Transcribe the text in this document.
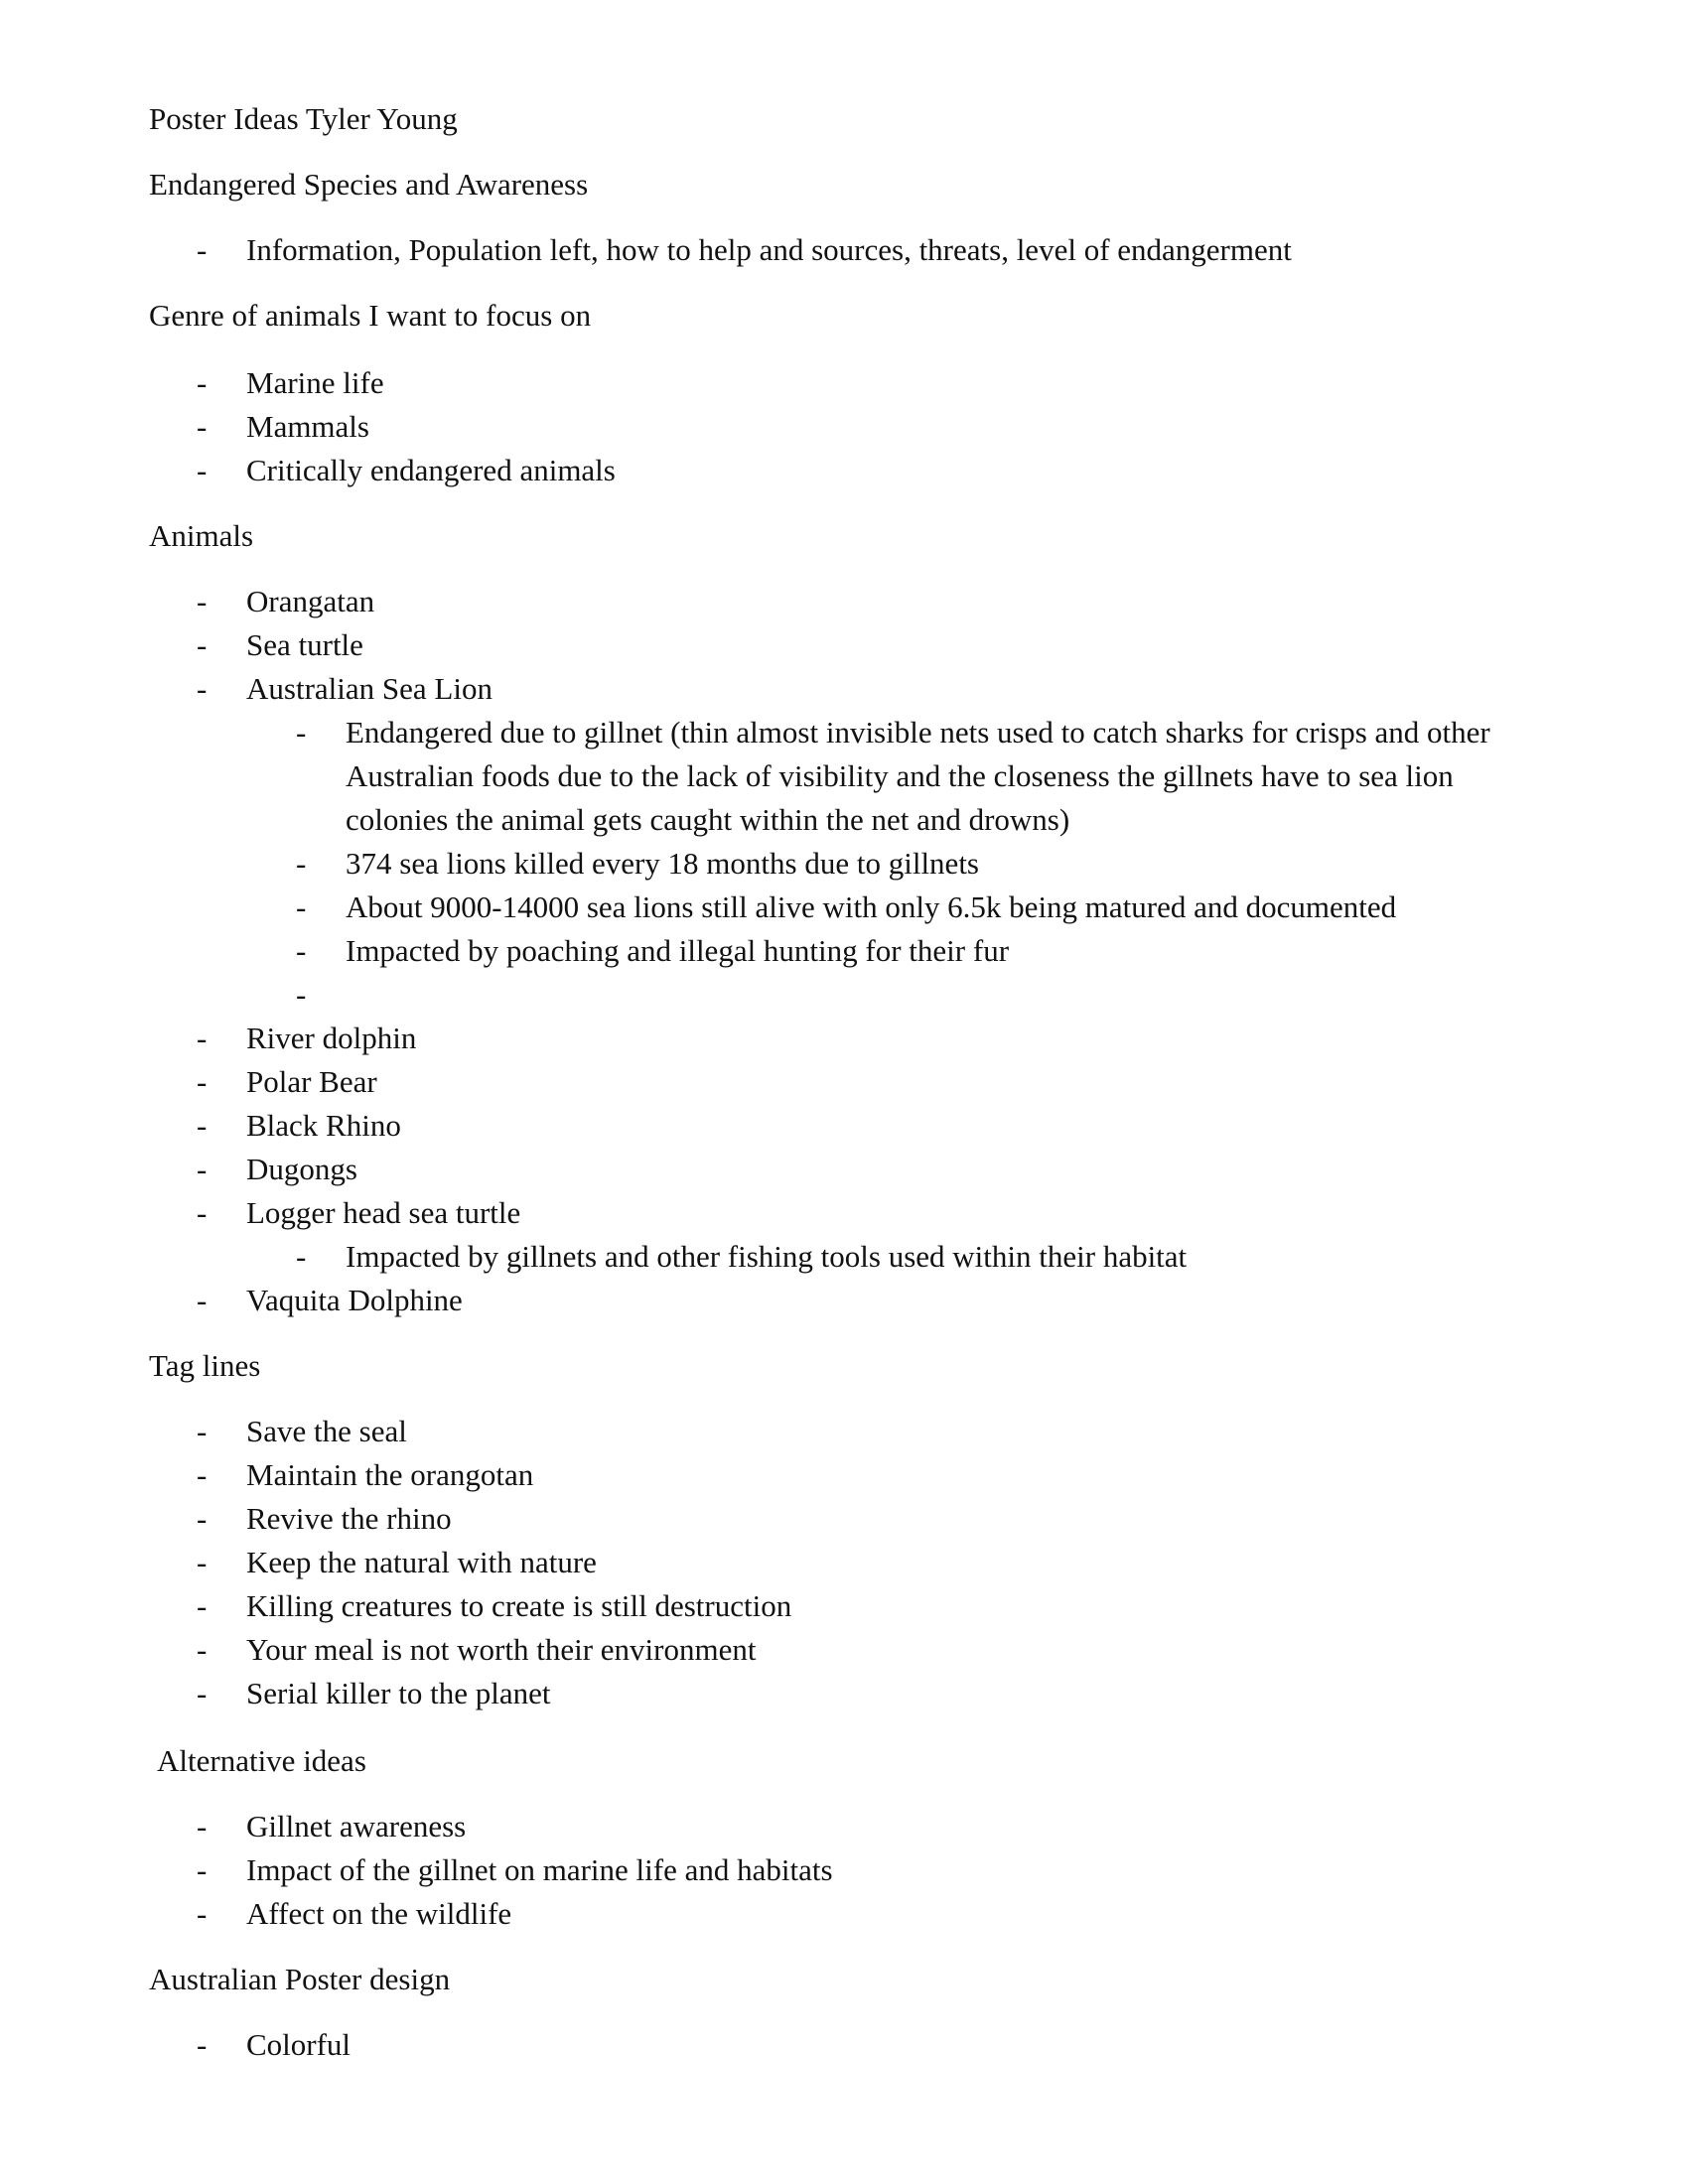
Poster Ideas Tyler Young
Endangered Species and Awareness
- Information, Population left, how to help and sources, threats, level of endangerment
Genre of animals I want to focus on
- Marine life
- Mammals
- Critically endangered animals
Animals
- Orangatan
- Sea turtle
- Australian Sea Lion
- Endangered due to gillnet (thin almost invisible nets used to catch sharks for crisps and other Australian foods due to the lack of visibility and the closeness the gillnets have to sea lion colonies the animal gets caught within the net and drowns)
- 374 sea lions killed every 18 months due to gillnets
- About 9000-14000 sea lions still alive with only 6.5k being matured and documented
- Impacted by poaching and illegal hunting for their fur
-
- River dolphin
- Polar Bear
- Black Rhino
- Dugongs
- Logger head sea turtle
- Impacted by gillnets and other fishing tools used within their habitat
- Vaquita Dolphine
Tag lines
- Save the seal
- Maintain the orangotan
- Revive the rhino
- Keep the natural with nature
- Killing creatures to create is still destruction
- Your meal is not worth their environment
- Serial killer to the planet
Alternative ideas
- Gillnet awareness
- Impact of the gillnet on marine life and habitats
- Affect on the wildlife
Australian Poster design
- Colorful
